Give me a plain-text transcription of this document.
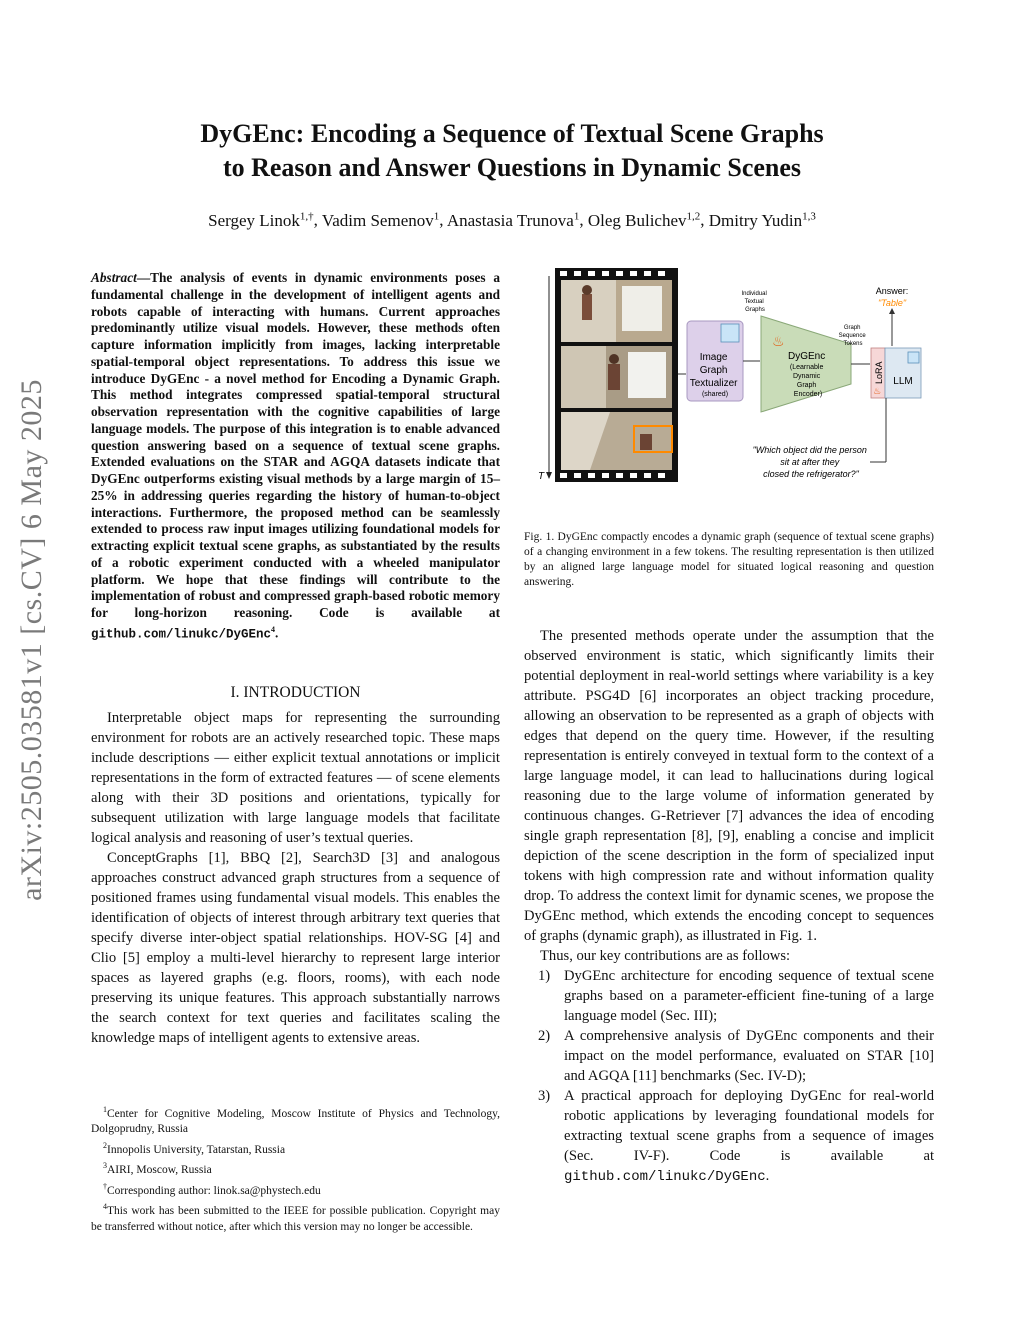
arXiv:2505.03581v1 [cs.CV] 6 May 2025
DyGEnc: Encoding a Sequence of Textual Scene Graphs
to Reason and Answer Questions in Dynamic Scenes
Sergey Linok$^{1,\dagger}$, Vadim Semenov$^1$, Anastasia Trunova$^1$, Oleg Bulichev$^{1,2}$, Dmitry Yudin$^{1,3}$
Abstract—The analysis of events in dynamic environments poses a fundamental challenge in the development of intelligent agents and robots capable of interacting with humans. Current approaches predominantly utilize visual models. However, these methods often capture information implicitly from images, lacking interpretable spatial-temporal object representations. To address this issue we introduce DyGEnc - a novel method for Encoding a Dynamic Graph. This method integrates compressed spatial-temporal structural observation representation with the cognitive capabilities of large language models. The purpose of this integration is to enable advanced question answering based on a sequence of textual scene graphs. Extended evaluations on the STAR and AGQA datasets indicate that DyGEnc outperforms existing visual methods by a large margin of 15–25% in addressing queries regarding the history of human-to-object interactions. Furthermore, the proposed method can be seamlessly extended to process raw input images utilizing foundational models for extracting explicit textual scene graphs, as substantiated by the results of a robotic experiment conducted with a wheeled manipulator platform. We hope that these findings will contribute to the implementation of robust and compressed graph-based robotic memory for long-horizon reasoning. Code is available at github.com/linukc/DyGEnc$^4$.
I. INTRODUCTION

Interpretable object maps for representing the surrounding environment for robots are an actively researched topic. These maps include descriptions — either explicit textual annotations or implicit representations in the form of extracted features — of scene elements along with their 3D positions and orientations, typically for subsequent utilization with large language models that facilitate logical analysis and reasoning of user’s textual queries.

ConceptGraphs [1], BBQ [2], Search3D [3] and analogous approaches construct advanced graph structures from a sequence of positioned frames using fundamental visual models. This enables the identification of objects of interest through arbitrary text queries that specify diverse inter-object spatial relationships. HOV-SG [4] and Clio [5] employ a multi-level hierarchy to represent large interior spaces as layered graphs (e.g. floors, rooms), with each node preserving its unique features. This approach substantially narrows the search context for text queries and facilitates scaling the knowledge maps of intelligent agents to extensive areas.

$^1$Center for Cognitive Modeling, Moscow Institute of Physics and Technology, Dolgoprudny, Russia
$^2$Innopolis University, Tatarstan, Russia
$^3$AIRI, Moscow, Russia
†Corresponding author: linok.sa@phystech.edu
$^4$This work has been submitted to the IEEE for possible publication. Copyright may be transferred without notice, after which this version may no longer be accessible.
T
Individual Textual Graphs
Image Graph Textualizer (shared)
♨
DyGEnc (Learnable Dynamic Graph Encoder)
Graph Sequence Tokens
LoRA
♨
LLM
Answer:
"Table"
"Which object did the person sit at after they closed the refrigerator?"
Fig. 1. DyGEnc compactly encodes a dynamic graph (sequence of textual scene graphs) of a changing environment in a few tokens. The resulting representation is then utilized by an aligned large language model for situated logical reasoning and question answering.

The presented methods operate under the assumption that the observed environment is static, which significantly limits their potential deployment in real-world settings where variability is a key attribute. PSG4D [6] incorporates an object tracking procedure, allowing an observation to be represented as a graph of objects with edges that depend on the query time. However, if the resulting representation is entirely conveyed in textual form to the context of a large language model, it can lead to hallucinations during logical reasoning due to the large volume of information generated by continuous changes. G-Retriever [7] advances the idea of encoding single graph representation [8], [9], enabling a concise and implicit depiction of the scene description in the form of specialized input tokens with high compression rate and without information quality drop. To address the context limit for dynamic scenes, we propose the DyGEnc method, which extends the encoding concept to sequences of graphs (dynamic graph), as illustrated in Fig. 1.

Thus, our key contributions are as follows:

1) DyGEnc architecture for encoding sequence of textual scene graphs based on a parameter-efficient fine-tuning of a large language model (Sec. III);
2) A comprehensive analysis of DyGEnc components and their impact on the model performance, evaluated on STAR [10] and AGQA [11] benchmarks (Sec. IV-D);
3) A practical approach for deploying DyGEnc for real-world robotic applications by leveraging foundational models for extracting textual scene graphs from a sequence of images (Sec. IV-F). Code is available at github.com/linukc/DyGEnc.
